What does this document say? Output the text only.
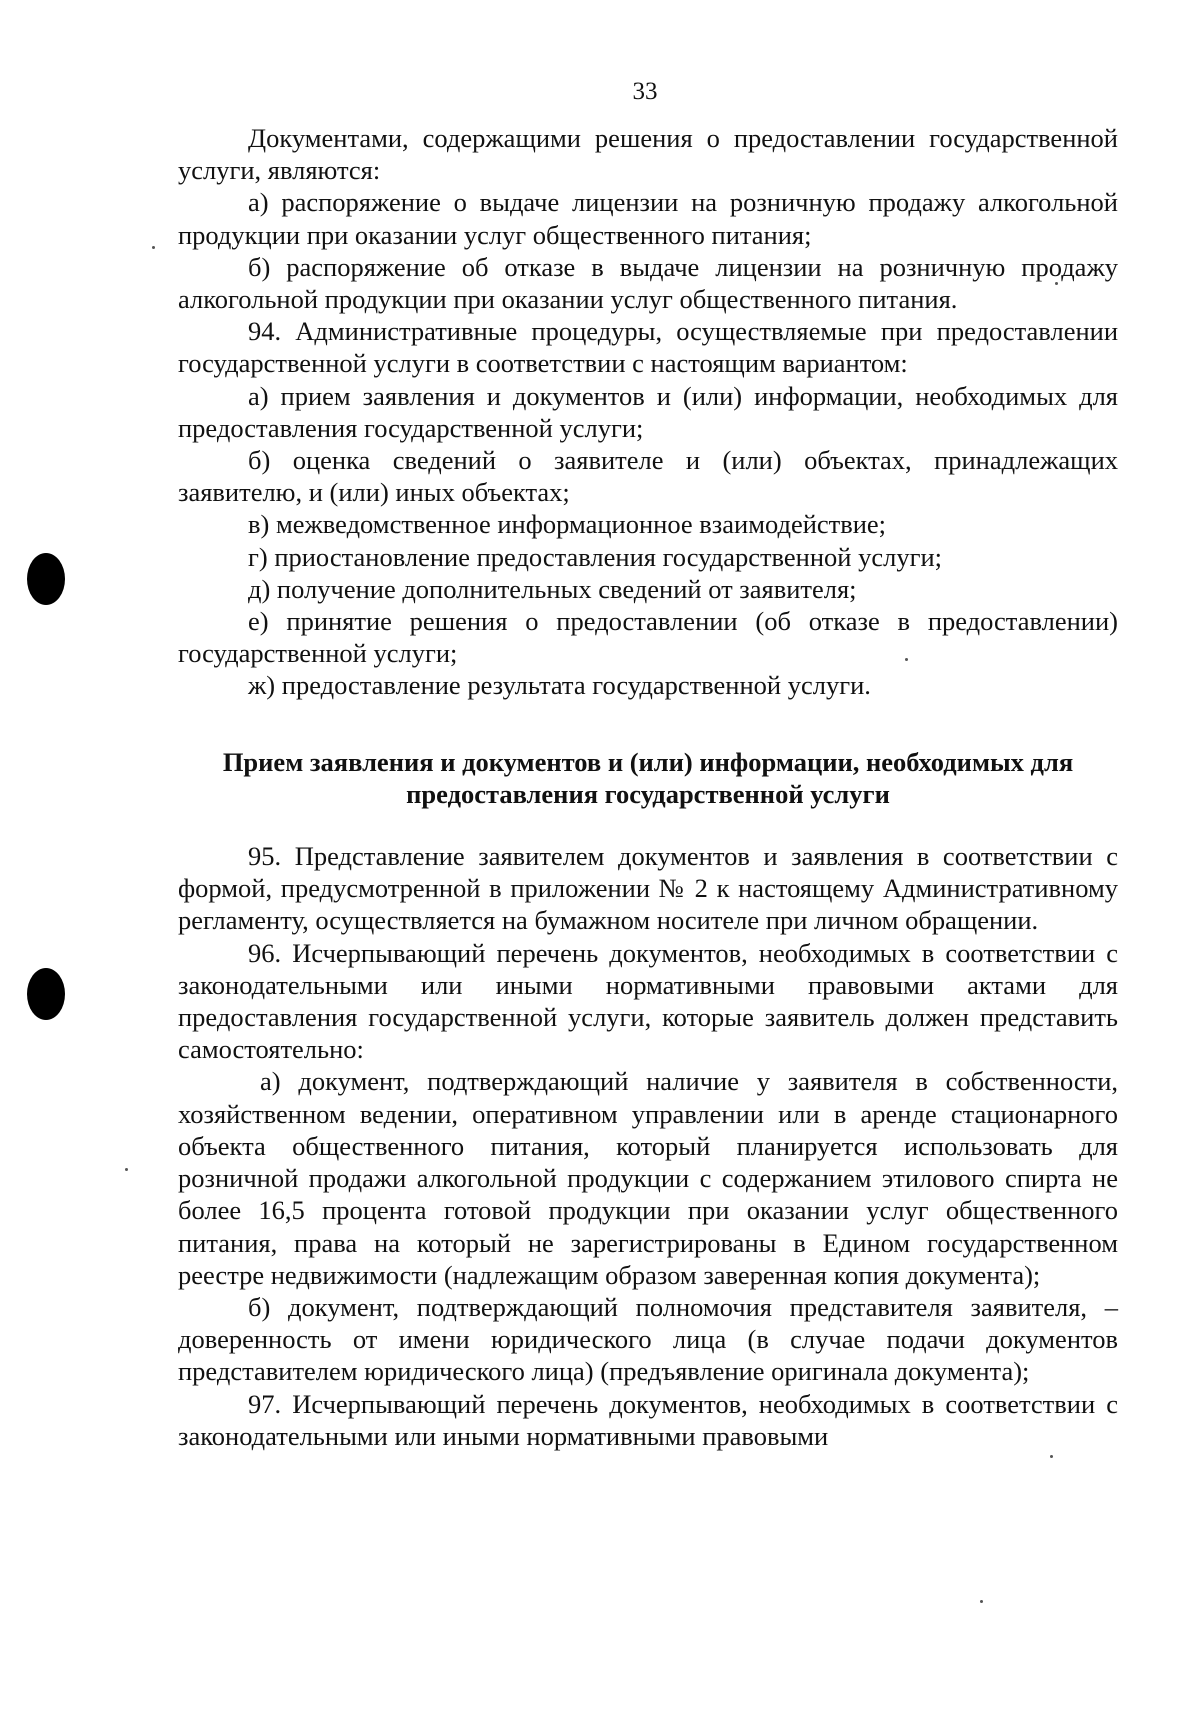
33

Документами, содержащими решения о предоставлении государственной услуги, являются:

а) распоряжение о выдаче лицензии на розничную продажу алкогольной продукции при оказании услуг общественного питания;

б) распоряжение об отказе в выдаче лицензии на розничную продажу алкогольной продукции при оказании услуг общественного питания.

94. Административные процедуры, осуществляемые при предоставлении государственной услуги в соответствии с настоящим вариантом:

а) прием заявления и документов и (или) информации, необходимых для предоставления государственной услуги;

б) оценка сведений о заявителе и (или) объектах, принадлежащих заявителю, и (или) иных объектах;

в) межведомственное информационное взаимодействие;

г) приостановление предоставления государственной услуги;

д) получение дополнительных сведений от заявителя;

е) принятие решения о предоставлении (об отказе в предоставлении) государственной услуги;

ж) предоставление результата государственной услуги.

Прием заявления и документов и (или) информации, необходимых для
предоставления государственной услуги

95. Представление заявителем документов и заявления в соответствии с формой, предусмотренной в приложении № 2 к настоящему Административному регламенту, осуществляется на бумажном носителе при личном обращении.

96. Исчерпывающий перечень документов, необходимых в соответствии с законодательными или иными нормативными правовыми актами для предоставления государственной услуги, которые заявитель должен представить самостоятельно:

а) документ, подтверждающий наличие у заявителя в собственности, хозяйственном ведении, оперативном управлении или в аренде стационарного объекта общественного питания, который планируется использовать для розничной продажи алкогольной продукции с содержанием этилового спирта не более 16,5 процента готовой продукции при оказании услуг общественного питания, права на который не зарегистрированы в Едином государственном реестре недвижимости (надлежащим образом заверенная копия документа);

б) документ, подтверждающий полномочия представителя заявителя, – доверенность от имени юридического лица (в случае подачи документов представителем юридического лица) (предъявление оригинала документа);

97. Исчерпывающий перечень документов, необходимых в соответствии с законодательными или иными нормативными правовыми
